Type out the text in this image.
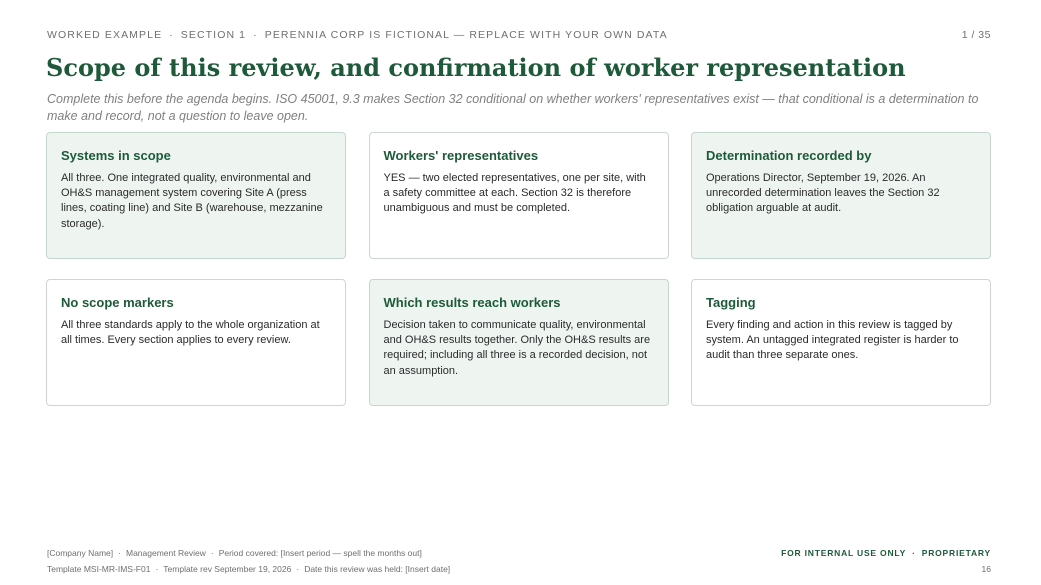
WORKED EXAMPLE · SECTION 1 · PERENNIA CORP IS FICTIONAL — REPLACE WITH YOUR OWN DATA	1 / 35
Scope of this review, and confirmation of worker representation

Complete this before the agenda begins. ISO 45001, 9.3 makes Section 32 conditional on whether workers' representatives exist — that conditional is a determination to make and record, not a question to leave open.

Systems in scope

All three. One integrated quality, environmental and OH&S management system covering Site A (press lines, coating line) and Site B (warehouse, mezzanine storage).

Workers' representatives

YES — two elected representatives, one per site, with a safety committee at each. Section 32 is therefore unambiguous and must be completed.

Determination recorded by

Operations Director, September 19, 2026. An unrecorded determination leaves the Section 32 obligation arguable at audit.

No scope markers

All three standards apply to the whole organization at all times. Every section applies to every review.

Which results reach workers

Decision taken to communicate quality, environmental and OH&S results together. Only the OH&S results are required; including all three is a recorded decision, not an assumption.

Tagging

Every finding and action in this review is tagged by system. An untagged integrated register is harder to audit than three separate ones.

[Company Name] · Management Review · Period covered: [Insert period — spell the months out]
Template MSI-MR-IMS-F01 · Template rev September 19, 2026 · Date this review was held: [Insert date]
FOR INTERNAL USE ONLY · PROPRIETARY
16
